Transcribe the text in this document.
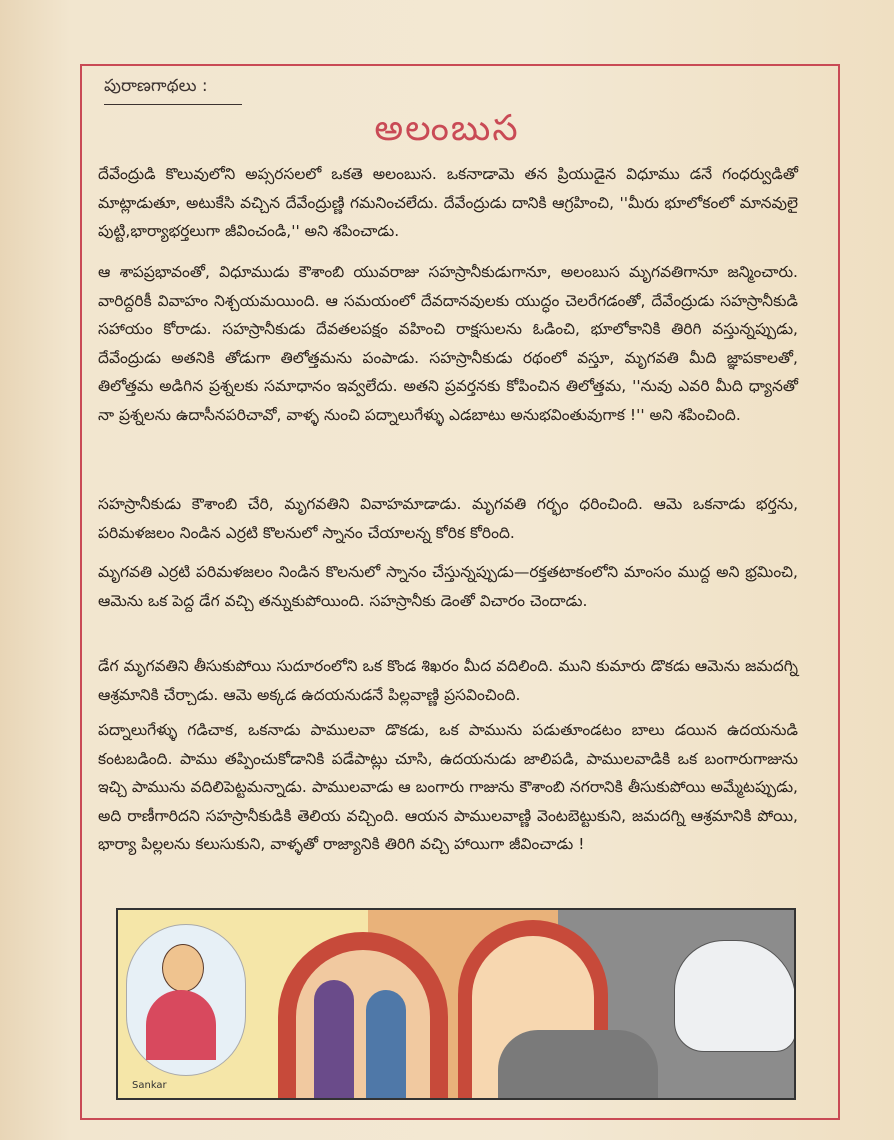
పురాణగాథలు :
అలంబుస
దేవేంద్రుడి కొలువులోని అప్సరసలలో ఒకతె అలంబుస. ఒకనాడామె తన ప్రియుడైన విధూము డనే గంధర్వుడితో మాట్లాడుతూ, అటుకేసి వచ్చిన దేవేంద్రుణ్ణి గమనించలేదు. దేవేంద్రుడు దానికి ఆగ్రహించి, ''మీరు భూలోకంలో మానవులై పుట్టి,భార్యాభర్తలుగా జీవించండి,'' అని శపించాడు.
ఆ శాపప్రభావంతో, విధూముడు కౌశాంబి యువరాజు సహస్రానీకుడుగానూ, అలంబుస మృగవతిగానూ జన్మించారు. వారిద్దరికీ వివాహం నిశ్చయమయింది. ఆ సమయంలో దేవదానవులకు యుద్ధం చెలరేగడంతో, దేవేంద్రుడు సహస్రానీకుడి సహాయం కోరాడు. సహస్రానీకుడు దేవతలపక్షం వహించి రాక్షసులను ఓడించి, భూలోకానికి తిరిగి వస్తున్నప్పుడు, దేవేంద్రుడు అతనికి తోడుగా తిలోత్తమను పంపాడు. సహస్రానీకుడు రథంలో వస్తూ, మృగవతి మీది జ్ఞాపకాలతో, తిలోత్తమ అడిగిన ప్రశ్నలకు సమాధానం ఇవ్వలేదు. అతని ప్రవర్తనకు కోపించిన తిలోత్తమ, ''నువు ఎవరి మీది ధ్యానతో నా ప్రశ్నలను ఉదాసీనపరిచావో, వాళ్ళ నుంచి పద్నాలుగేళ్ళు ఎడబాటు అనుభవింతువుగాక !'' అని శపించింది.
సహస్రానీకుడు కౌశాంబి చేరి, మృగవతిని వివాహమాడాడు. మృగవతి గర్భం ధరించింది. ఆమె ఒకనాడు భర్తను, పరిమళజలం నిండిన ఎర్రటి కొలనులో స్నానం చేయాలన్న కోరిక కోరింది.
మృగవతి ఎర్రటి పరిమళజలం నిండిన కొలనులో స్నానం చేస్తున్నప్పుడు—రక్తతటాకంలోని మాంసం ముద్ద అని భ్రమించి, ఆమెను ఒక పెద్ద డేగ వచ్చి తన్నుకుపోయింది. సహస్రానీకు డెంతో విచారం చెందాడు.
డేగ మృగవతిని తీసుకుపోయి సుదూరంలోని ఒక కొండ శిఖరం మీద వదిలింది. ముని కుమారు డొకడు ఆమెను జమదగ్ని ఆశ్రమానికి చేర్చాడు. ఆమె అక్కడ ఉదయనుడనే పిల్లవాణ్ణి ప్రసవించింది.
పద్నాలుగేళ్ళు గడిచాక, ఒకనాడు పాములవా డొకడు, ఒక పామును పడుతూండటం బాలు డయిన ఉదయనుడి కంటబడింది. పాము తప్పించుకోడానికి పడేపాట్లు చూసి, ఉదయనుడు జాలిపడి, పాములవాడికి ఒక బంగారుగాజును ఇచ్చి పామును వదిలిపెట్టమన్నాడు. పాములవాడు ఆ బంగారు గాజును కౌశాంబి నగరానికి తీసుకుపోయి అమ్మేటప్పుడు, అది రాణీగారిదని సహస్రానీకుడికి తెలియ వచ్చింది. ఆయన పాములవాణ్ణి వెంటబెట్టుకుని, జమదగ్ని ఆశ్రమానికి పోయి, భార్యా పిల్లలను కలుసుకుని, వాళ్ళతో రాజ్యానికి తిరిగి వచ్చి హాయిగా జీవించాడు !
Sankar
